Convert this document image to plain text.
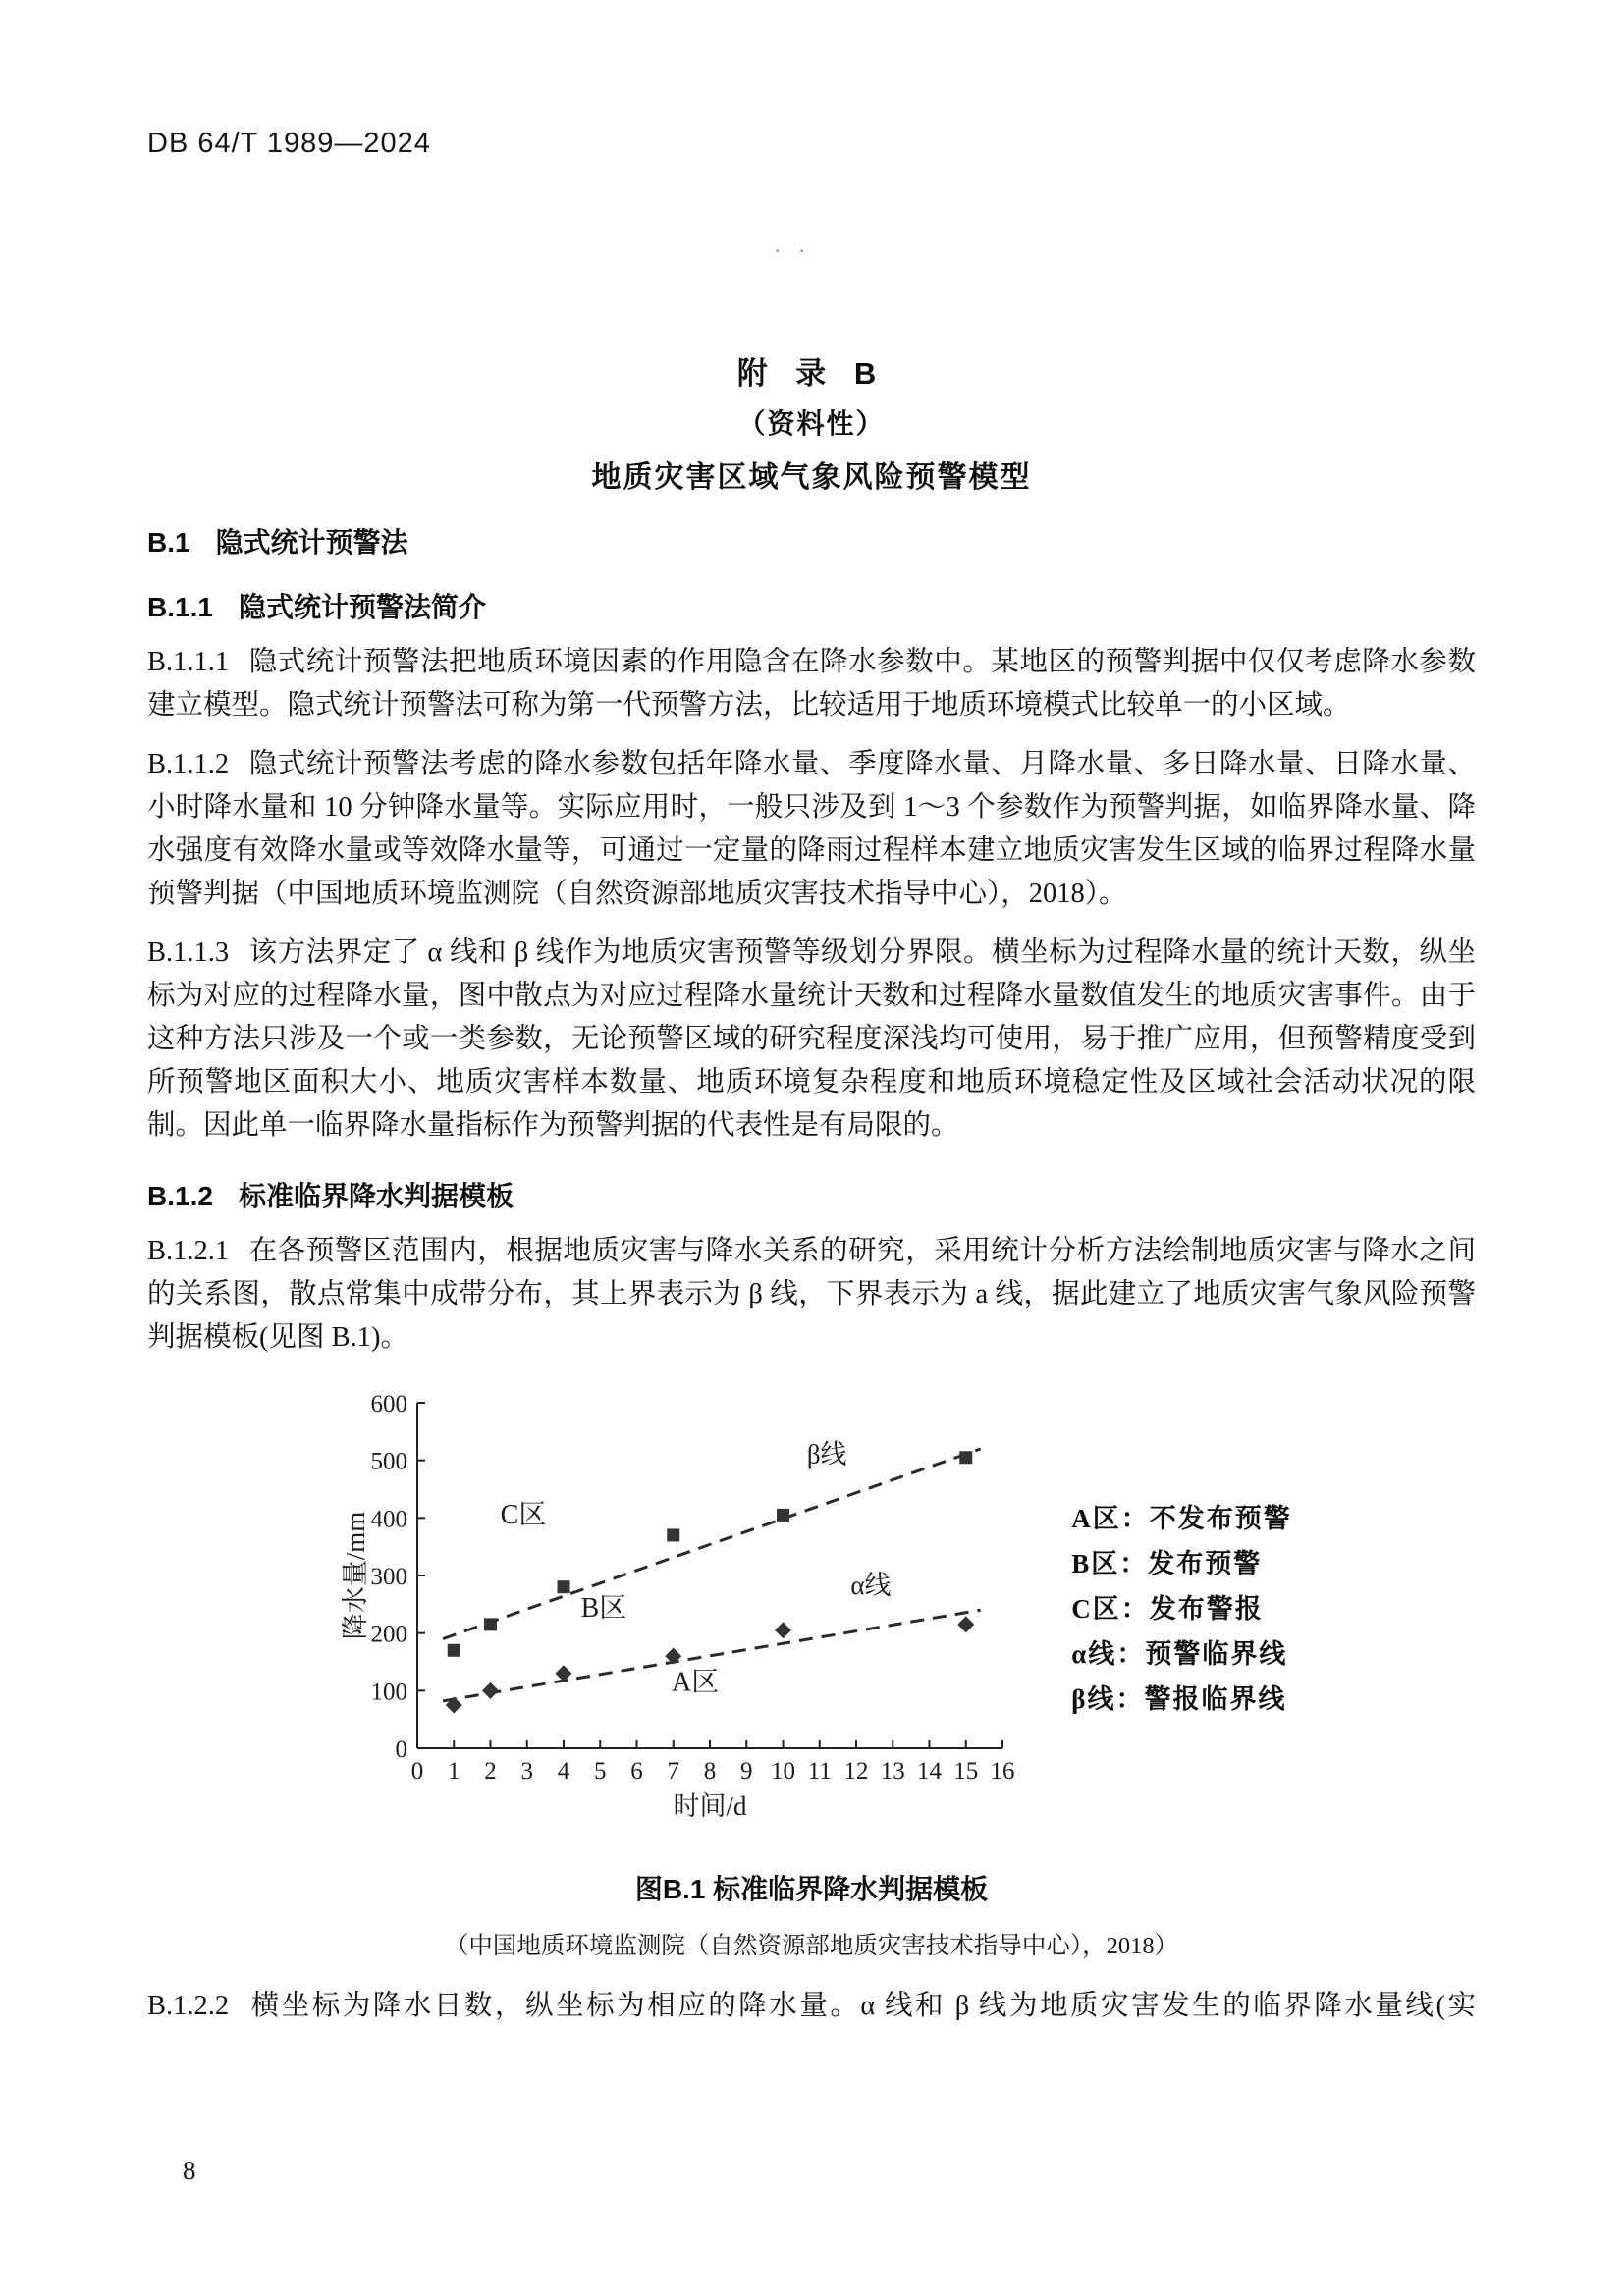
DB 64/T 1989—2024
· ·
附 录 B
（资料性）
地质灾害区域气象风险预警模型
B.1 隐式统计预警法
B.1.1 隐式统计预警法简介

B.1.1.1 隐式统计预警法把地质环境因素的作用隐含在降水参数中。某地区的预警判据中仅仅考虑降水参数建立模型。隐式统计预警法可称为第一代预警方法，比较适用于地质环境模式比较单一的小区域。

B.1.1.2 隐式统计预警法考虑的降水参数包括年降水量、季度降水量、月降水量、多日降水量、日降水量、小时降水量和 10 分钟降水量等。实际应用时，一般只涉及到 1～3 个参数作为预警判据，如临界降水量、降水强度有效降水量或等效降水量等，可通过一定量的降雨过程样本建立地质灾害发生区域的临界过程降水量预警判据（中国地质环境监测院（自然资源部地质灾害技术指导中心），2018）。

B.1.1.3 该方法界定了 α 线和 β 线作为地质灾害预警等级划分界限。横坐标为过程降水量的统计天数，纵坐标为对应的过程降水量，图中散点为对应过程降水量统计天数和过程降水量数值发生的地质灾害事件。由于这种方法只涉及一个或一类参数，无论预警区域的研究程度深浅均可使用，易于推广应用，但预警精度受到所预警地区面积大小、地质灾害样本数量、地质环境复杂程度和地质环境稳定性及区域社会活动状况的限制。因此单一临界降水量指标作为预警判据的代表性是有局限的。

B.1.2 标准临界降水判据模板

B.1.2.1 在各预警区范围内，根据地质灾害与降水关系的研究，采用统计分析方法绘制地质灾害与降水之间的关系图，散点常集中成带分布，其上界表示为 β 线，下界表示为 a 线，据此建立了地质灾害气象风险预警判据模板(见图 B.1)。

0
100
200
300
400
500
600
0 1 2 3 4 5 6 7 8 9 10 11 12 13 14 15 16
时间/d
降水量/mm
β线
α线
C区
B区
A区
A区：不发布预警
B区：发布预警
C区：发布警报
α线：预警临界线
β线：警报临界线
图B.1 标准临界降水判据模板
（中国地质环境监测院（自然资源部地质灾害技术指导中心），2018）

B.1.2.2 横坐标为降水日数，纵坐标为相应的降水量。α 线和 β 线为地质灾害发生的临界降水量线(实

8
